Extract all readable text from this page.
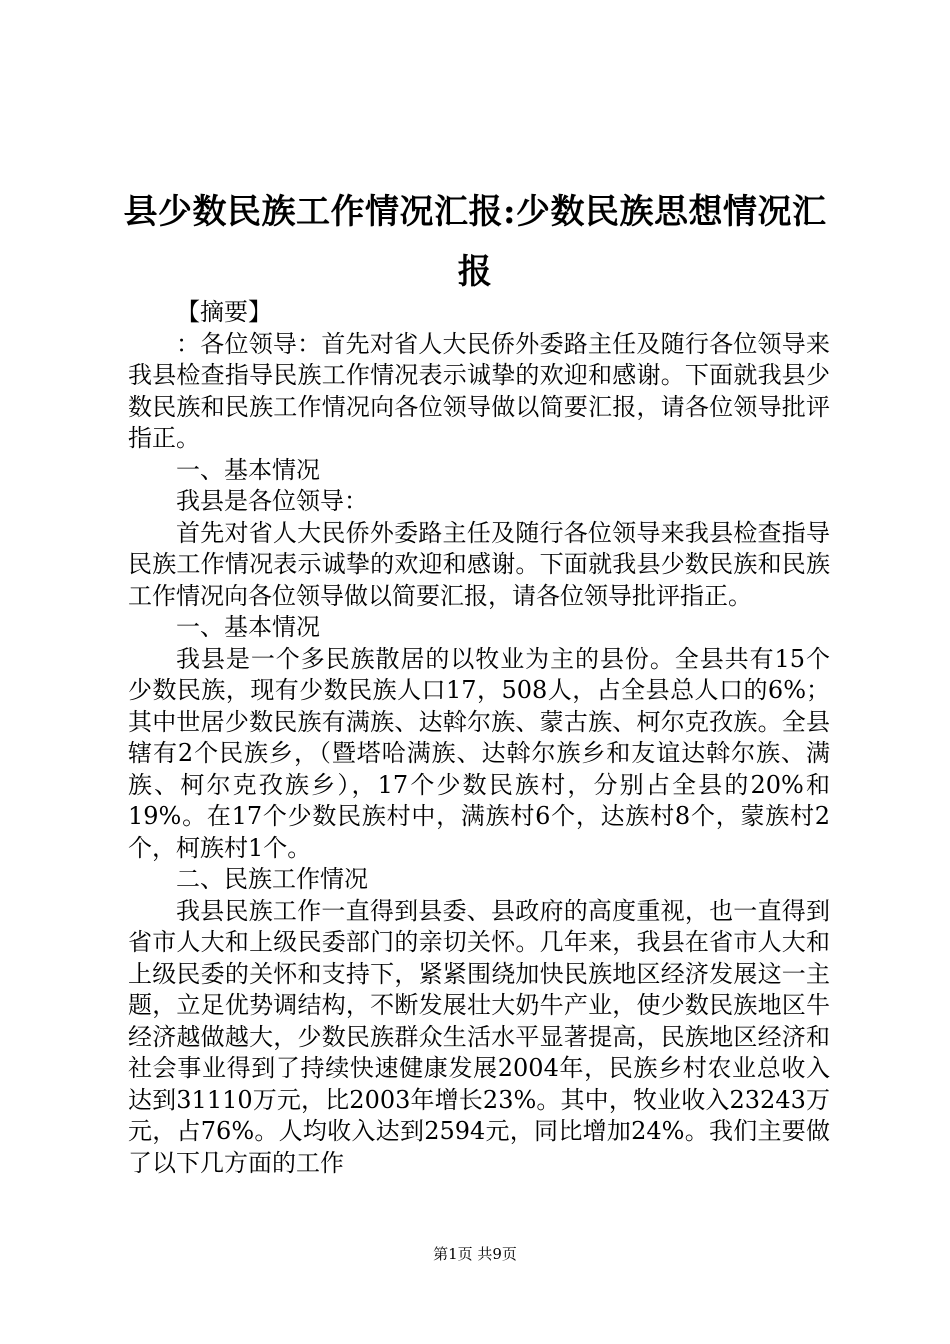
县少数民族工作情况汇报:少数民族思想情况汇报

【摘要】

：各位领导：首先对省人大民侨外委路主任及随行各位领导来我县检查指导民族工作情况表示诚挚的欢迎和感谢。下面就我县少数民族和民族工作情况向各位领导做以简要汇报，请各位领导批评指正。

一、基本情况

我县是各位领导：

首先对省人大民侨外委路主任及随行各位领导来我县检查指导民族工作情况表示诚挚的欢迎和感谢。下面就我县少数民族和民族工作情况向各位领导做以简要汇报，请各位领导批评指正。

一、基本情况

我县是一个多民族散居的以牧业为主的县份。全县共有15个少数民族，现有少数民族人口17，508人，占全县总人口的6%；其中世居少数民族有满族、达斡尔族、蒙古族、柯尔克孜族。全县辖有2个民族乡，（暨塔哈满族、达斡尔族乡和友谊达斡尔族、满族、柯尔克孜族乡），17个少数民族村，分别占全县的20%和19%。在17个少数民族村中，满族村6个，达族村8个，蒙族村2个，柯族村1个。

二、民族工作情况

我县民族工作一直得到县委、县政府的高度重视，也一直得到省市人大和上级民委部门的亲切关怀。几年来，我县在省市人大和上级民委的关怀和支持下，紧紧围绕加快民族地区经济发展这一主题，立足优势调结构，不断发展壮大奶牛产业，使少数民族地区牛经济越做越大，少数民族群众生活水平显著提高，民族地区经济和社会事业得到了持续快速健康发展2004年，民族乡村农业总收入达到31110万元，比2003年增长23%。其中，牧业收入23243万元，占76%。人均收入达到2594元，同比增加24%。我们主要做了以下几方面的工作

第1页 共9页
